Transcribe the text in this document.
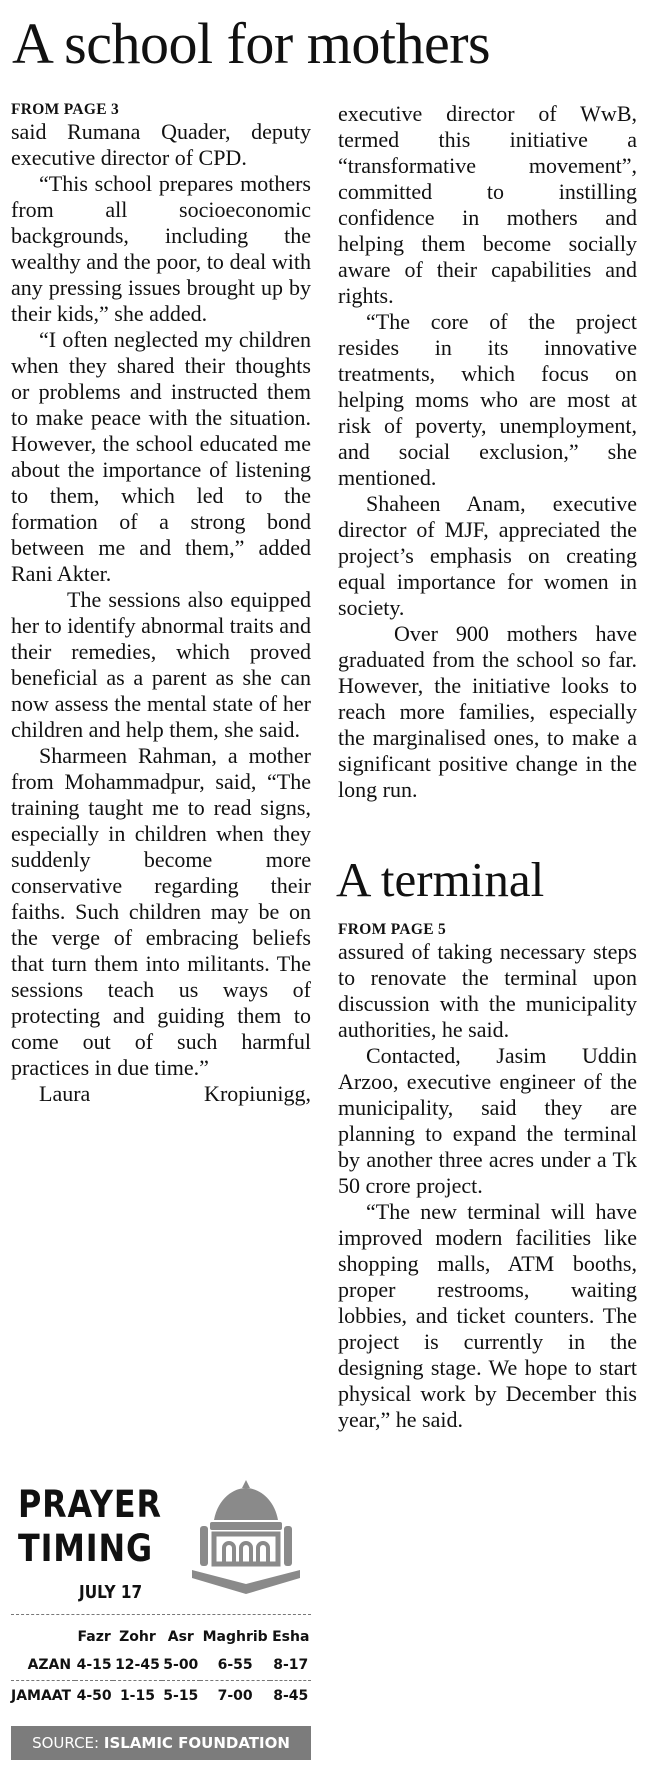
A school for mothers
FROM PAGE 3

said Rumana Quader, deputy executive director of CPD.

“This school prepares mothers from all socioeconomic backgrounds, including the wealthy and the poor, to deal with any pressing issues brought up by their kids,” she added.

“I often neglected my children when they shared their thoughts or problems and instructed them to make peace with the situation. However, the school educated me about the importance of listening to them, which led to the formation of a strong bond between me and them,” added Rani Akter.

The sessions also equipped her to identify abnormal traits and their remedies, which proved beneficial as a parent as she can now assess the mental state of her children and help them, she said.

Sharmeen Rahman, a mother from Mohammadpur, said, “The training taught me to read signs, especially in children when they suddenly become more conservative regarding their faiths. Such children may be on the verge of embracing beliefs that turn them into militants. The sessions teach us ways of protecting and guiding them to come out of such harmful practices in due time.”

Laura Kropiunigg,

executive director of WwB, termed this initiative a “transformative movement”, committed to instilling confidence in mothers and helping them become socially aware of their capabilities and rights.

“The core of the project resides in its innovative treatments, which focus on helping moms who are most at risk of poverty, unemployment, and social exclusion,” she mentioned.

Shaheen Anam, executive director of MJF, appreciated the project’s emphasis on creating equal importance for women in society.

Over 900 mothers have graduated from the school so far. However, the initiative looks to reach more families, especially the marginalised ones, to make a significant positive change in the long run.

A terminal
FROM PAGE 5

assured of taking necessary steps to renovate the terminal upon discussion with the municipality authorities, he said.

Contacted, Jasim Uddin Arzoo, executive engineer of the municipality, said they are planning to expand the terminal by another three acres under a Tk 50 crore project.

“The new terminal will have improved modern facilities like shopping malls, ATM booths, proper restrooms, waiting lobbies, and ticket counters. The project is currently in the designing stage. We hope to start physical work by December this year,” he said.

PRAYER
TIMING
JULY 17
	Fazr	Zohr	Asr	Maghrib	Esha
AZAN	4-15	12-45	5-00	6-55	8-17
JAMAAT	4-50	1-15	5-15	7-00	8-45
SOURCE: ISLAMIC FOUNDATION
